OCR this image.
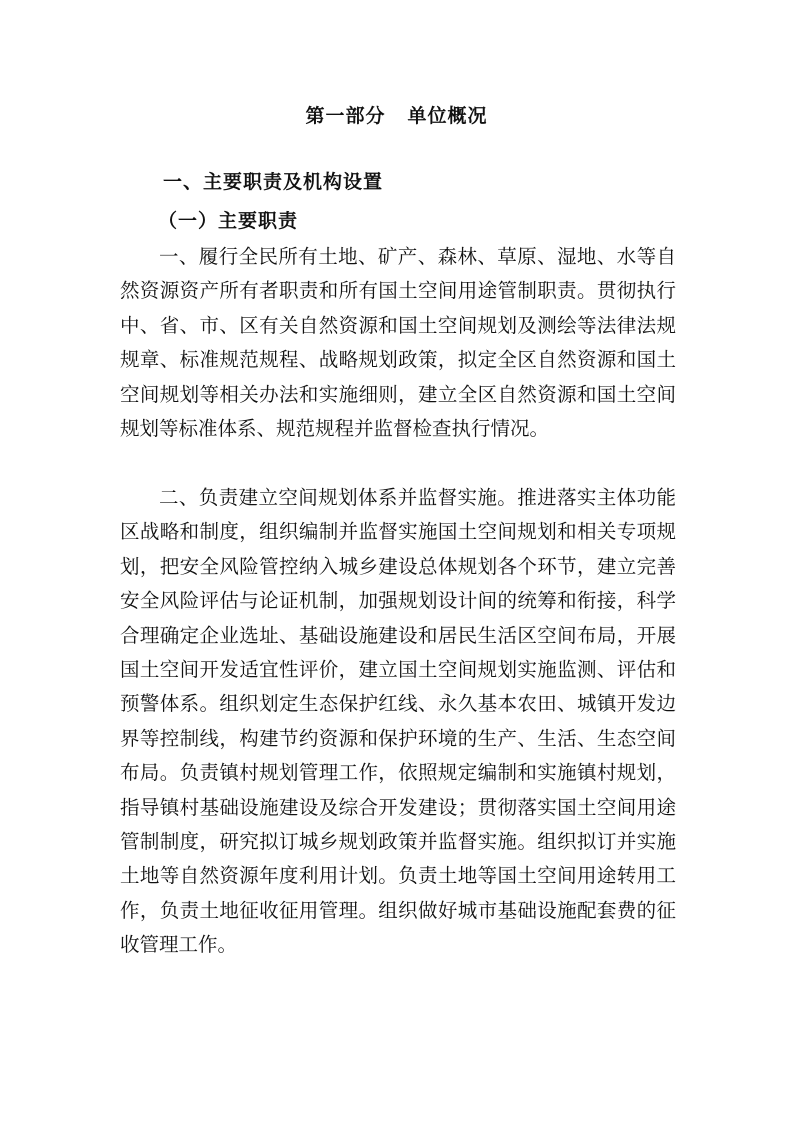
第一部分 单位概况
一、主要职责及机构设置
（一）主要职责

一、履行全民所有土地、矿产、森林、草原、湿地、水等自然资源资产所有者职责和所有国土空间用途管制职责。贯彻执行中、省、市、区有关自然资源和国土空间规划及测绘等法律法规规章、标准规范规程、战略规划政策，拟定全区自然资源和国土空间规划等相关办法和实施细则，建立全区自然资源和国土空间规划等标准体系、规范规程并监督检查执行情况。

二、负责建立空间规划体系并监督实施。推进落实主体功能区战略和制度，组织编制并监督实施国土空间规划和相关专项规划，把安全风险管控纳入城乡建设总体规划各个环节，建立完善安全风险评估与论证机制，加强规划设计间的统筹和衔接，科学合理确定企业选址、基础设施建设和居民生活区空间布局，开展国土空间开发适宜性评价，建立国土空间规划实施监测、评估和预警体系。组织划定生态保护红线、永久基本农田、城镇开发边界等控制线，构建节约资源和保护环境的生产、生活、生态空间布局。负责镇村规划管理工作，依照规定编制和实施镇村规划，指导镇村基础设施建设及综合开发建设；贯彻落实国土空间用途管制制度，研究拟订城乡规划政策并监督实施。组织拟订并实施土地等自然资源年度利用计划。负责土地等国土空间用途转用工作，负责土地征收征用管理。组织做好城市基础设施配套费的征收管理工作。
